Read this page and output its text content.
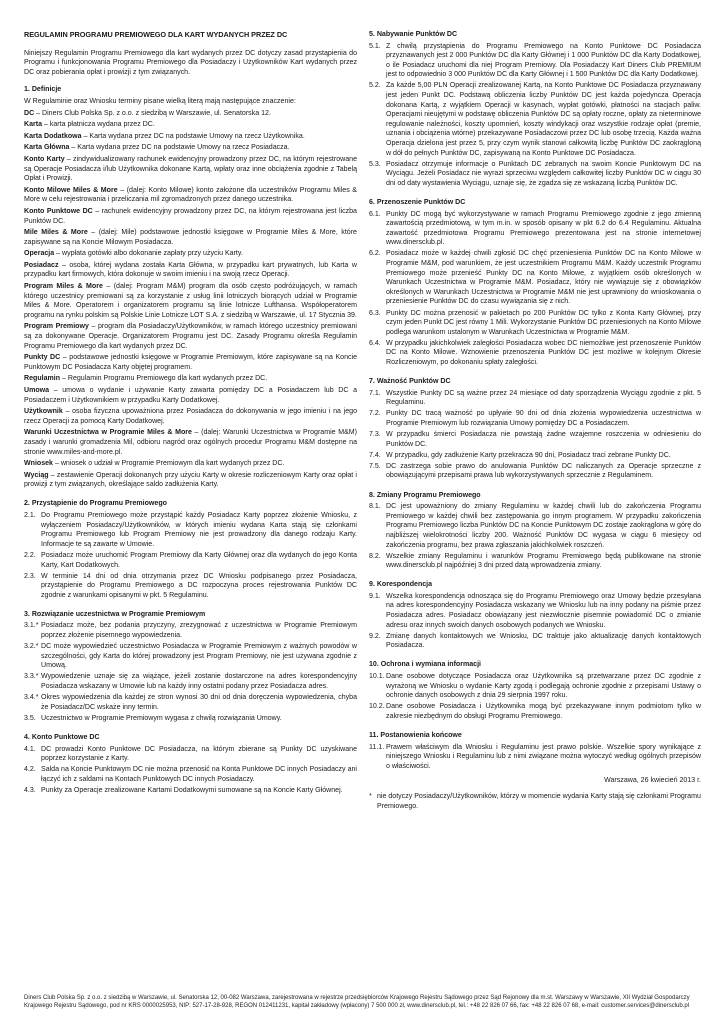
REGULAMIN PROGRAMU PREMIOWEGO DLA KART WYDANYCH PRZEZ DC

Niniejszy Regulamin Programu Premiowego dla kart wydanych przez DC dotyczy zasad przystąpienia do Programu i funkcjonowania Programu Premiowego dla Posiadaczy i Użytkowników Kart wydanych przez DC oraz pobierania opłat i prowizji z tym związanych.

1. Definicje

W Regulaminie oraz Wniosku terminy pisane wielką literą mają następujące znaczenie:

DC – Diners Club Polska Sp. z o.o. z siedzibą w Warszawie, ul. Senatorska 12.

Karta – karta płatnicza wydana przez DC.

Karta Dodatkowa – Karta wydana przez DC na podstawie Umowy na rzecz Użytkownika.

Karta Główna – Karta wydana przez DC na podstawie Umowy na rzecz Posiadacza.

Konto Karty – zindywidualizowany rachunek ewidencyjny prowadzony przez DC, na którym rejestrowane są Operacje Posiadacza i/lub Użytkownika dokonane Kartą, wpłaty oraz inne obciążenia zgodnie z Tabelą Opłat i Prowizji.

Konto Milowe Miles & More – (dalej: Konto Milowe) konto założone dla uczestników Programu Miles & More w celu rejestrowania i przeliczania mil zgromadzonych przez danego uczestnika.

Konto Punktowe DC – rachunek ewidencyjny prowadzony przez DC, na którym rejestrowana jest liczba Punktów DC.

Mile Miles & More – (dalej: Mile) podstawowe jednostki księgowe w Programie Miles & More, które zapisywane są na Koncie Milowym Posiadacza.

Operacja – wypłata gotówki albo dokonanie zapłaty przy użyciu Karty.

Posiadacz – osoba, której wydana została Karta Główna, w przypadku kart prywatnych, lub Karta w przypadku kart firmowych, która dokonuje w swoim imieniu i na swoją rzecz Operacji.

Program Miles & More – (dalej: Program M&M) program dla osób często podróżujących, w ramach którego uczestnicy premiowani są za korzystanie z usług linii lotniczych biorących udział w Programie Miles & More. Operatorem i organizatorem programu są linie lotnicze Lufthansa. Współoperatorem programu na rynku polskim są Polskie Linie Lotnicze LOT S.A. z siedzibą w Warszawie, ul. 17 Stycznia 39.

Program Premiowy – program dla Posiadaczy/Użytkowników, w ramach którego uczestnicy premiowani są za dokonywane Operacje. Organizatorem Programu jest DC. Zasady Programu określa Regulamin Programu Premiowego dla kart wydanych przez DC.

Punkty DC – podstawowe jednostki księgowe w Programie Premiowym, które zapisywane są na Koncie Punktowym DC Posiadacza Karty objętej programem.

Regulamin – Regulamin Programu Premiowego dla kart wydanych przez DC.

Umowa – umowa o wydanie i używanie Karty zawarta pomiędzy DC a Posiadaczem lub DC a Posiadaczem i Użytkownikiem w przypadku Karty Dodatkowej.

Użytkownik – osoba fizyczna upoważniona przez Posiadacza do dokonywania w jego imieniu i na jego rzecz Operacji za pomocą Karty Dodatkowej.

Warunki Uczestnictwa w Programie Miles & More – (dalej: Warunki Uczestnictwa w Programie M&M) zasady i warunki gromadzenia Mil, odbioru nagród oraz ogólnych procedur Programu M&M dostępne na stronie www.miles-and-more.pl.

Wniosek – wniosek o udział w Programie Premiowym dla kart wydanych przez DC.

Wyciąg – zestawienie Operacji dokonanych przy użyciu Karty w okresie rozliczeniowym Karty oraz opłat i prowizji z tym związanych, określające saldo zadłużenia Karty.

2. Przystąpienie do Programu Premiowego

2.1. Do Programu Premiowego może przystąpić każdy Posiadacz Karty poprzez złożenie Wniosku, z wyłączeniem Posiadaczy/Użytkowników, w których imieniu wydana Karta stają się członkami Programu Premiowego lub Program Premiowy nie jest prowadzony dla danego rodzaju Karty. Informacje te są zawarte w Umowie.
2.2. Posiadacz może uruchomić Program Premiowy dla Karty Głównej oraz dla wydanych do jego Konta Karty, Kart Dodatkowych.
2.3. W terminie 14 dni od dnia otrzymania przez DC Wniosku podpisanego przez Posiadacza, przystąpienie do Programu Premiowego a DC rozpoczyna proces rejestrowania Punktów DC zgodnie z warunkami opisanymi w pkt. 5 Regulaminu.

3. Rozwiązanie uczestnictwa w Programie Premiowym

3.1.* Posiadacz może, bez podania przyczyny, zrezygnować z uczestnictwa w Programie Premiowym poprzez złożenie pisemnego wypowiedzenia.
3.2.* DC może wypowiedzieć uczestnictwo Posiadacza w Programie Premiowym z ważnych powodów w szczególności, gdy Karta do której prowadzony jest Program Premiowy, nie jest używana zgodnie z Umową.
3.3.* Wypowiedzenie uznaje się za wiążące, jeżeli zostanie dostarczone na adres korespondencyjny Posiadacza wskazany w Umowie lub na każdy inny ostatni podany przez Posiadacza adres.
3.4.* Okres wypowiedzenia dla każdej ze stron wynosi 30 dni od dnia doręczenia wypowiedzenia, chyba że Posiadacz/DC wskaże inny termin.
3.5. Uczestnictwo w Programie Premiowym wygasa z chwilą rozwiązania Umowy.

4. Konto Punktowe DC

4.1. DC prowadzi Konto Punktowe DC Posiadacza, na którym zbierane są Punkty DC uzyskiwane poprzez korzystanie z Karty.
4.2. Salda na Koncie Punktowym DC nie można przenosić na Konta Punktowe DC innych Posiadaczy ani łączyć ich z saldami na Kontach Punktowych DC innych Posiadaczy.
4.3. Punkty za Operacje zrealizowane Kartami Dodatkowymi sumowane są na Koncie Karty Głównej.

5. Nabywanie Punktów DC

5.1. Z chwilą przystąpienia do Programu Premiowego na Konto Punktowe DC Posiadacza przyznawanych jest 2 000 Punktów DC dla Karty Głównej i 1 000 Punktów DC dla Karty Dodatkowej, o ile Posiadacz uruchomi dla niej Program Premiowy. Dla Posiadaczy Kart Diners Club PREMIUM jest to odpowiednio 3 000 Punktów DC dla Karty Głównej i 1 500 Punktów DC dla Karty Dodatkowej.
5.2. Za każde 5,00 PLN Operacji zrealizowanej Kartą, na Konto Punktowe DC Posiadacza przyznawany jest jeden Punkt DC. Podstawą obliczenia liczby Punktów DC jest każda pojedyncza Operacja dokonana Kartą, z wyjątkiem Operacji w kasynach, wypłat gotówki, płatności na stacjach paliw. Operacjami nieujętymi w podstawę obliczenia Punktów DC są opłaty roczne, opłaty za nieterminowe regulowanie należności, koszty upomnień, koszty windykacji oraz wszystkie rodzaje opłat (premie, uznania i obciążenia wtórne) przekazywane Posiadaczowi przez DC lub osobę trzecią. Każda ważna Operacja dzielona jest przez 5, przy czym wynik stanowi całkowitą liczbę Punktów DC zaokrągloną w dół do pełnych Punktów DC, zapisywaną na Konto Punktowe DC Posiadacza.
5.3. Posiadacz otrzymuje informacje o Punktach DC zebranych na swoim Koncie Punktowym DC na Wyciągu. Jeżeli Posiadacz nie wyrazi sprzeciwu względem całkowitej liczby Punktów DC w ciągu 30 dni od daty wystawienia Wyciągu, uznaje się, że zgadza się ze wskazaną liczbą Punktów DC.

6. Przenoszenie Punktów DC

6.1. Punkty DC mogą być wykorzystywane w ramach Programu Premiowego zgodnie z jego zmienną zawartością przedmiotową, w tym m.in. w sposób opisany w pkt 6.2 do 6.4 Regulaminu. Aktualna zawartość przedmiotowa Programu Premiowego prezentowana jest na stronie internetowej www.dinersclub.pl.
6.2. Posiadacz może w każdej chwili zgłosić DC chęć przeniesienia Punktów DC na Konto Milowe w Programie M&M, pod warunkiem, że jest uczestnikiem Programu M&M. Każdy uczestnik Programu Premiowego może przenieść Punkty DC na Konto Milowe, z wyjątkiem osób określonych w Warunkach Uczestnictwa w Programie M&M. Posiadacz, który nie wywiązuje się z obowiązków określonych w Warunkach Uczestnictwa w Programie M&M nie jest uprawniony do wnioskowania o przeniesienie Punktów DC do czasu wywiązania się z nich.
6.3. Punkty DC można przenosić w pakietach po 200 Punktów DC tylko z Konta Karty Głównej, przy czym jeden Punkt DC jest równy 1 Mili. Wykorzystanie Punktów DC przeniesionych na Konto Milowe podlega warunkom ustalonym w Warunkach Uczestnictwa w Programie M&M.
6.4. W przypadku jakichkolwiek zaległości Posiadacza wobec DC niemożliwe jest przenoszenie Punktów DC na Konto Milowe. Wznowienie przenoszenia Punktów DC jest możliwe w kolejnym Okresie Rozliczeniowym, po dokonaniu spłaty zaległości.

7. Ważność Punktów DC

7.1. Wszystkie Punkty DC są ważne przez 24 miesiące od daty sporządzenia Wyciągu zgodnie z pkt. 5 Regulaminu.
7.2. Punkty DC tracą ważność po upływie 90 dni od dnia złożenia wypowiedzenia uczestnictwa w Programie Premiowym lub rozwiązania Umowy pomiędzy DC a Posiadaczem.
7.3. W przypadku śmierci Posiadacza nie powstają żadne wzajemne roszczenia w odniesieniu do Punktów DC.
7.4. W przypadku, gdy zadłużenie Karty przekracza 90 dni, Posiadacz traci zebrane Punkty DC.
7.5. DC zastrzega sobie prawo do anulowania Punktów DC naliczanych za Operacje sprzeczne z obowiązującymi przepisami prawa lub wykorzystywanych sprzecznie z Regulaminem.

8. Zmiany Programu Premiowego

8.1. DC jest upoważniony do zmiany Regulaminu w każdej chwili lub do zakończenia Programu Premiowego w każdej chwili bez zastępowania go innym programem. W przypadku zakończenia Programu Premiowego liczba Punktów DC na Koncie Punktowym DC zostaje zaokrąglona w górę do najbliższej wielokrotności liczby 200. Ważność Punktów DC wygasa w ciągu 6 miesięcy od zakończenia programu, bez prawa zgłaszania jakichkolwiek roszczeń.
8.2. Wszelkie zmiany Regulaminu i warunków Programu Premiowego będą publikowane na stronie www.dinersclub.pl najpóźniej 3 dni przed datą wprowadzenia zmiany.

9. Korespondencja

9.1. Wszelka korespondencja odnosząca się do Programu Premiowego oraz Umowy będzie przesyłana na adres korespondencyjny Posiadacza wskazany we Wniosku lub na inny podany na piśmie przez Posiadacza adres. Posiadacz obowiązany jest niezwłocznie pisemnie powiadomić DC o zmianie adresu oraz innych swoich danych osobowych podanych we Wniosku.
9.2. Zmianę danych kontaktowych we Wniosku, DC traktuje jako aktualizację danych kontaktowych Posiadacza.

10. Ochrona i wymiana informacji

10.1. Dane osobowe dotyczące Posiadacza oraz Użytkownika są przetwarzane przez DC zgodnie z wyrażoną we Wniosku o wydanie Karty zgodą i podlegają ochronie zgodnie z przepisami Ustawy o ochronie danych osobowych z dnia 29 sierpnia 1997 roku.
10.2. Dane osobowe Posiadacza i Użytkownika mogą być przekazywane innym podmiotom tylko w zakresie niezbędnym do obsługi Programu Premiowego.

11. Postanowienia końcowe

11.1. Prawem właściwym dla Wniosku i Regulaminu jest prawo polskie. Wszelkie spory wynikające z niniejszego Wniosku i Regulaminu lub z nimi związane można wytoczyć według ogólnych przepisów o właściwości.

Warszawa, 26 kwiecień 2013 r.

* nie dotyczy Posiadaczy/Użytkowników, którzy w momencie wydania Karty stają się członkami Programu Premiowego.
Diners Club Polska Sp. z o.o. z siedzibą w Warszawie, ul. Senatorska 12, 00-082 Warszawa, zarejestrowana w rejestrze przedsiębiorców Krajowego Rejestru Sądowego przez Sąd Rejonowy dla m.st. Warszawy w Warszawie, XII Wydział Gospodarczy Krajowego Rejestru Sądowego, pod nr KRS 0000025953, NIP: 527-17-28-928, REGON 012411231, kapitał zakładowy (wpłacony) 7 500 000 zł, www.dinersclub.pl, tel.: +48 22 826 07 66, fax: +48 22 826 07 68, e-mail: customer.services@dinersclub.pl
